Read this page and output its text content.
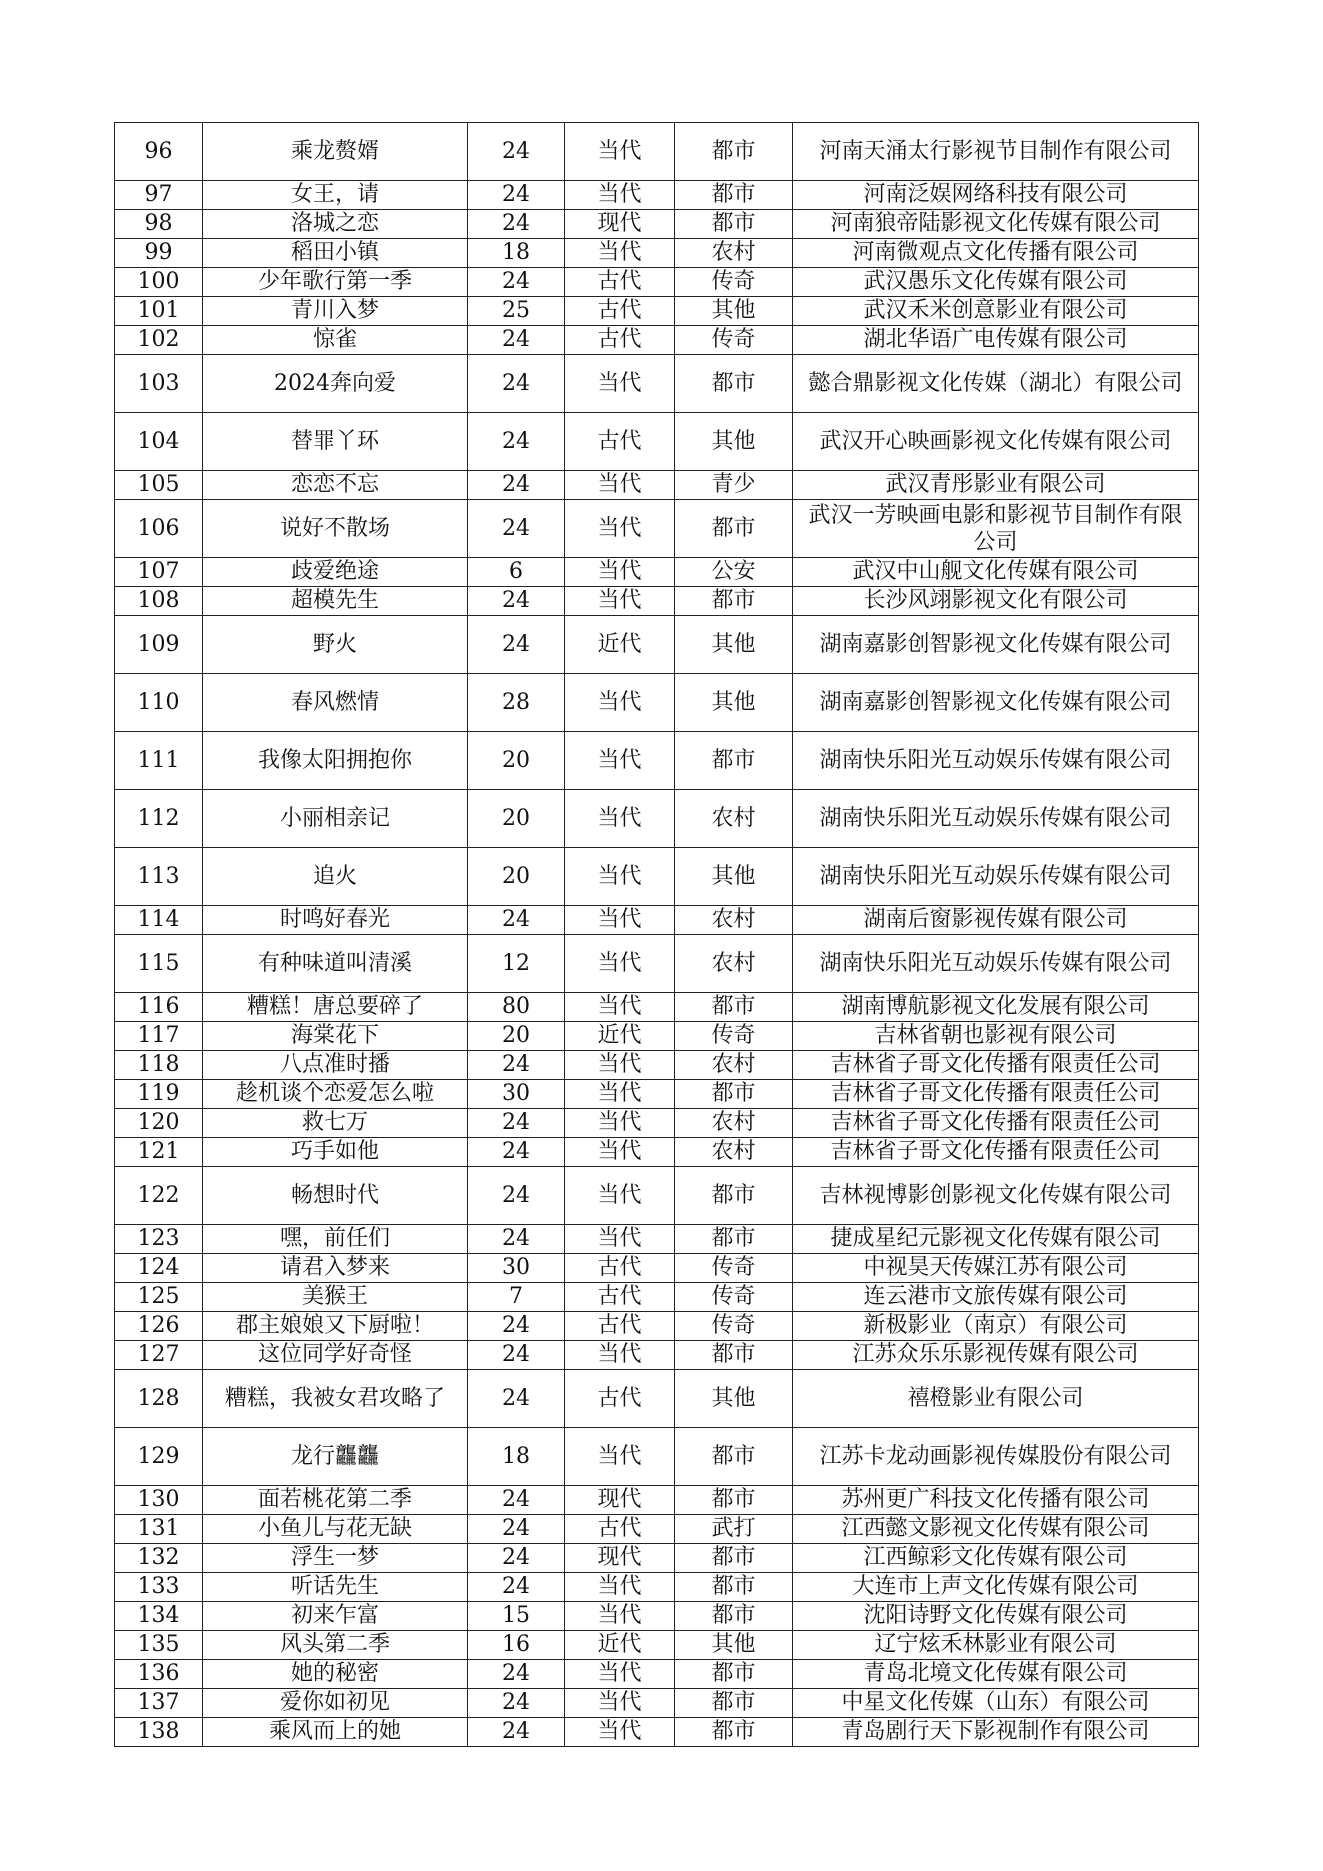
96	乘龙赘婿	24	当代	都市	河南天涌太行影视节目制作有限公司
97	女王，请	24	当代	都市	河南泛娱网络科技有限公司
98	洛城之恋	24	现代	都市	河南狼帝陆影视文化传媒有限公司
99	稻田小镇	18	当代	农村	河南微观点文化传播有限公司
100	少年歌行第一季	24	古代	传奇	武汉愚乐文化传媒有限公司
101	青川入梦	25	古代	其他	武汉禾米创意影业有限公司
102	惊雀	24	古代	传奇	湖北华语广电传媒有限公司
103	2024奔向爱	24	当代	都市	懿合鼎影视文化传媒（湖北）有限公司
104	替罪丫环	24	古代	其他	武汉开心映画影视文化传媒有限公司
105	恋恋不忘	24	当代	青少	武汉青彤影业有限公司
106	说好不散场	24	当代	都市	武汉一芳映画电影和影视节目制作有限公司
107	歧爱绝途	6	当代	公安	武汉中山舰文化传媒有限公司
108	超模先生	24	当代	都市	长沙风翊影视文化有限公司
109	野火	24	近代	其他	湖南嘉影创智影视文化传媒有限公司
110	春风燃情	28	当代	其他	湖南嘉影创智影视文化传媒有限公司
111	我像太阳拥抱你	20	当代	都市	湖南快乐阳光互动娱乐传媒有限公司
112	小丽相亲记	20	当代	农村	湖南快乐阳光互动娱乐传媒有限公司
113	追火	20	当代	其他	湖南快乐阳光互动娱乐传媒有限公司
114	时鸣好春光	24	当代	农村	湖南后窗影视传媒有限公司
115	有种味道叫清溪	12	当代	农村	湖南快乐阳光互动娱乐传媒有限公司
116	糟糕！唐总要碎了	80	当代	都市	湖南博航影视文化发展有限公司
117	海棠花下	20	近代	传奇	吉林省朝也影视有限公司
118	八点准时播	24	当代	农村	吉林省子哥文化传播有限责任公司
119	趁机谈个恋爱怎么啦	30	当代	都市	吉林省子哥文化传播有限责任公司
120	救七万	24	当代	农村	吉林省子哥文化传播有限责任公司
121	巧手如他	24	当代	农村	吉林省子哥文化传播有限责任公司
122	畅想时代	24	当代	都市	吉林视博影创影视文化传媒有限公司
123	嘿，前任们	24	当代	都市	捷成星纪元影视文化传媒有限公司
124	请君入梦来	30	古代	传奇	中视昊天传媒江苏有限公司
125	美猴王	7	古代	传奇	连云港市文旅传媒有限公司
126	郡主娘娘又下厨啦！	24	古代	传奇	新极影业（南京）有限公司
127	这位同学好奇怪	24	当代	都市	江苏众乐乐影视传媒有限公司
128	糟糕，我被女君攻略了	24	古代	其他	禧橙影业有限公司
129	龙行龘龘	18	当代	都市	江苏卡龙动画影视传媒股份有限公司
130	面若桃花第二季	24	现代	都市	苏州更广科技文化传播有限公司
131	小鱼儿与花无缺	24	古代	武打	江西懿文影视文化传媒有限公司
132	浮生一梦	24	现代	都市	江西鲸彩文化传媒有限公司
133	听话先生	24	当代	都市	大连市上声文化传媒有限公司
134	初来乍富	15	当代	都市	沈阳诗野文化传媒有限公司
135	风头第二季	16	近代	其他	辽宁炫禾林影业有限公司
136	她的秘密	24	当代	都市	青岛北境文化传媒有限公司
137	爱你如初见	24	当代	都市	中星文化传媒（山东）有限公司
138	乘风而上的她	24	当代	都市	青岛剧行天下影视制作有限公司
